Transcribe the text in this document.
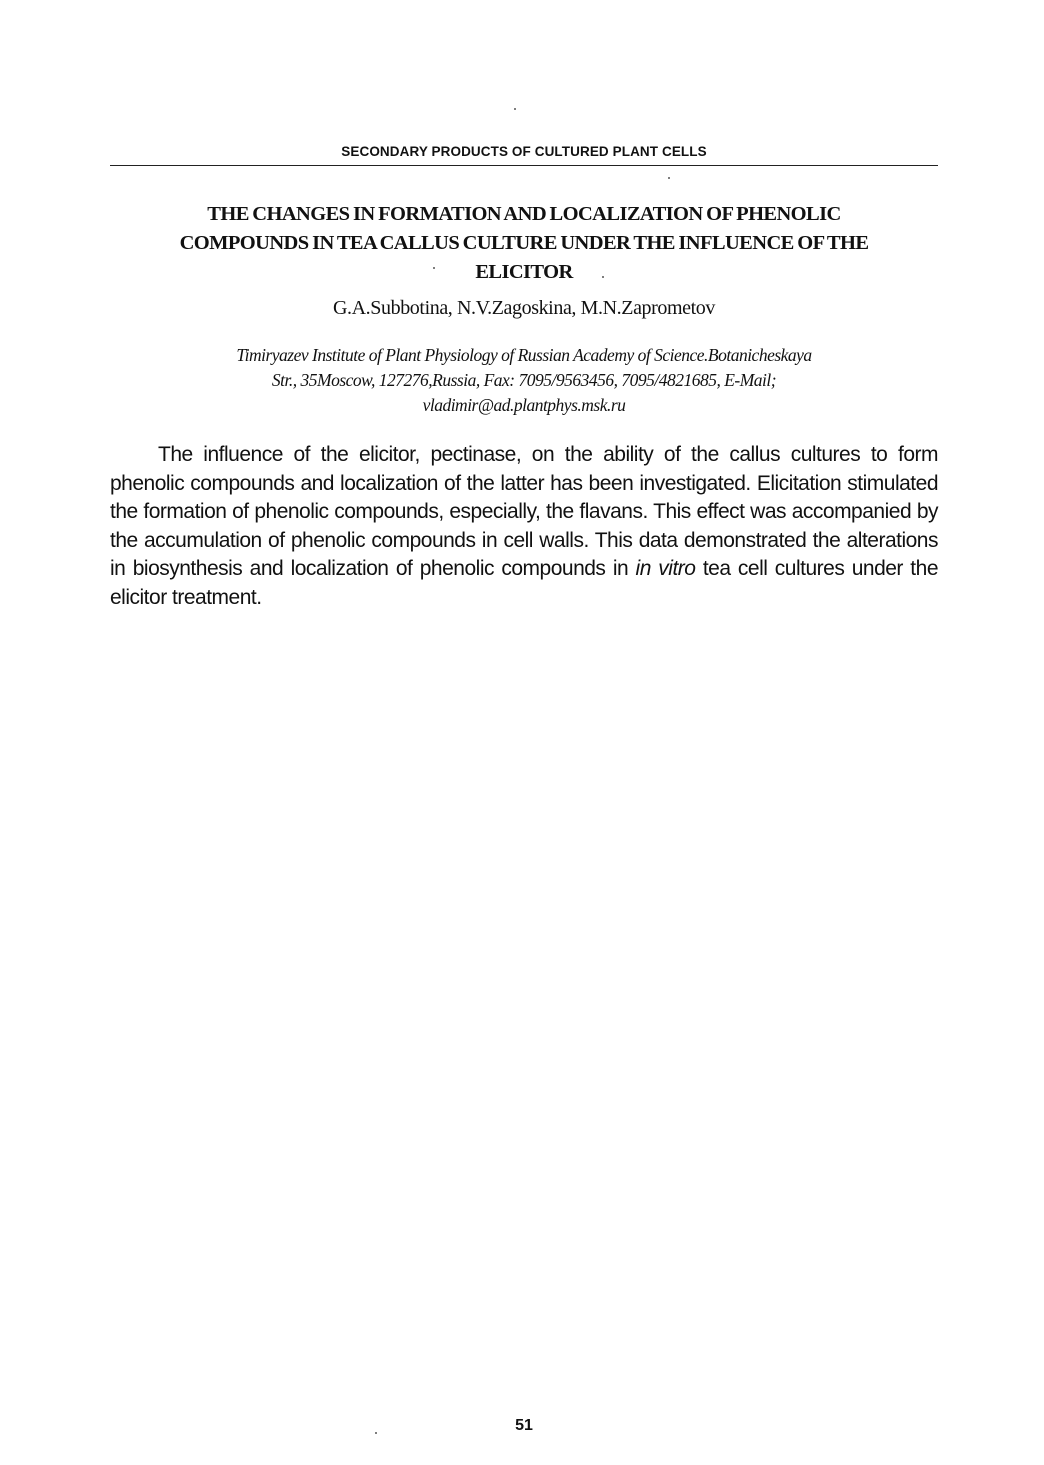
SECONDARY PRODUCTS OF CULTURED PLANT CELLS
THE CHANGES IN FORMATION AND LOCALIZATION OF PHENOLIC
COMPOUNDS IN TEA CALLUS CULTURE UNDER THE INFLUENCE OF THE
ELICITOR
G.A.Subbotina, N.V.Zagoskina, M.N.Zaprometov
Timiryazev Institute of Plant Physiology of Russian Academy of Science.Botanicheskaya
Str., 35Moscow, 127276,Russia, Fax: 7095/9563456, 7095/4821685, E-Mail;
vladimir@ad.plantphys.msk.ru

The influence of the elicitor, pectinase, on the ability of the callus cultures to form phenolic compounds and localization of the latter has been investigated. Elicitation stimulated the formation of phenolic compounds, especially, the flavans. This effect was accompanied by the accumulation of phenolic compounds in cell walls. This data demonstrated the alterations in biosynthesis and localization of phenolic compounds in in vitro tea cell cultures under the elicitor treatment.

51
